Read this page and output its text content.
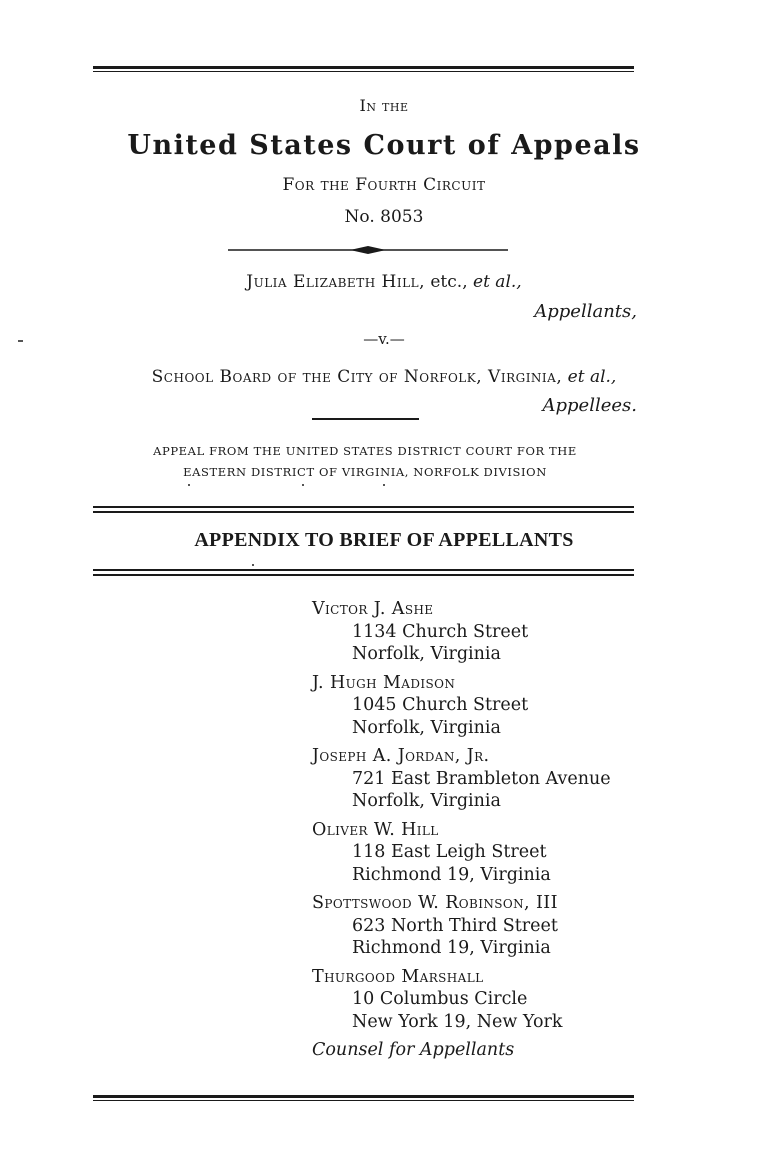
In the
United States Court of Appeals
For the Fourth Circuit
No. 8053
Julia Elizabeth Hill, etc., et al.,
Appellants,
—v.—
School Board of the City of Norfolk, Virginia, et al.,
Appellees.
APPEAL FROM THE UNITED STATES DISTRICT COURT FOR THE
EASTERN DISTRICT OF VIRGINIA, NORFOLK DIVISION
APPENDIX TO BRIEF OF APPELLANTS
Victor J. Ashe
1134 Church Street
Norfolk, Virginia
J. Hugh Madison
1045 Church Street
Norfolk, Virginia
Joseph A. Jordan, Jr.
721 East Brambleton Avenue
Norfolk, Virginia
Oliver W. Hill
118 East Leigh Street
Richmond 19, Virginia
Spottswood W. Robinson, III
623 North Third Street
Richmond 19, Virginia
Thurgood Marshall
10 Columbus Circle
New York 19, New York
Counsel for Appellants
